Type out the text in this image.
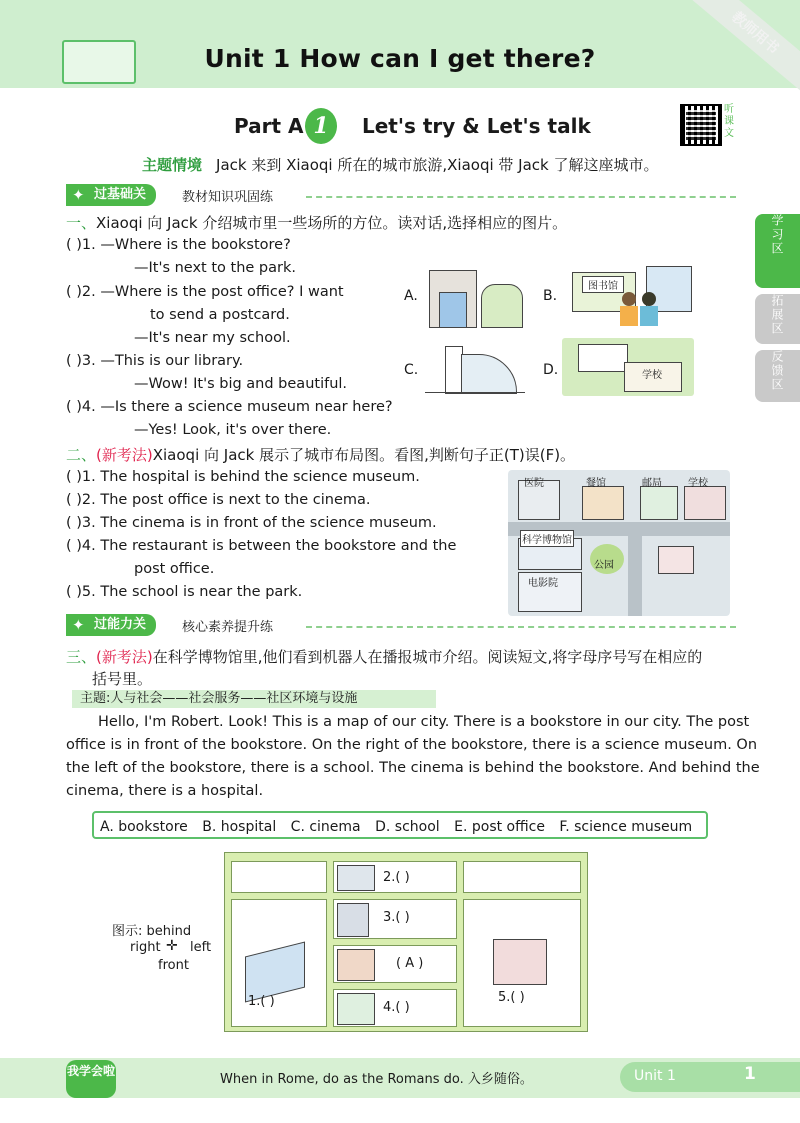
教师用书
Unit 1 How can I get there?
Part A 1	Let's try & Let's talk
听课文
主题情境 Jack 来到 Xiaoqi 所在的城市旅游,Xiaoqi 带 Jack 了解这座城市。
✦ 过基础关	教材知识巩固练
一、Xiaoqi 向 Jack 介绍城市里一些场所的方位。读对话,选择相应的图片。
( )1. —Where is the bookstore?
—It's next to the park.
( )2. —Where is the post office? I want
to send a postcard.
—It's near my school.
( )3. —This is our library.
—Wow! It's big and beautiful.
( )4. —Is there a science museum near here?
—Yes! Look, it's over there.
A.	B.
图书馆
C.	D.	学校
二、(新考法)Xiaoqi 向 Jack 展示了城市布局图。看图,判断句子正(T)误(F)。
( )1. The hospital is behind the science museum.
( )2. The post office is next to the cinema.
( )3. The cinema is in front of the science museum.
( )4. The restaurant is between the bookstore and the
post office.
( )5. The school is near the park.
医院	餐馆	邮局	学校
科学博物馆
公园
电影院
✦ 过能力关	核心素养提升练
三、(新考法)在科学博物馆里,他们看到机器人在播报城市介绍。阅读短文,将字母序号写在相应的
括号里。
主题:人与社会——社会服务——社区环境与设施
Hello, I'm Robert. Look! This is a map of our city. There is a bookstore in our city. The post
office is in front of the bookstore. On the right of the bookstore, there is a science museum. On
the left of the bookstore, there is a school. The cinema is behind the bookstore. And behind the
cinema, there is a hospital.
A. bookstore B. hospital C. cinema D. school E. post office F. science museum
图示: behind
right ✛ left
front
2.( )
3.( )
( A )
4.( )
1.( )	5.( )
学习区
拓展区
反馈区
我学会啦
When in Rome, do as the Romans do. 入乡随俗。	Unit 1	1
